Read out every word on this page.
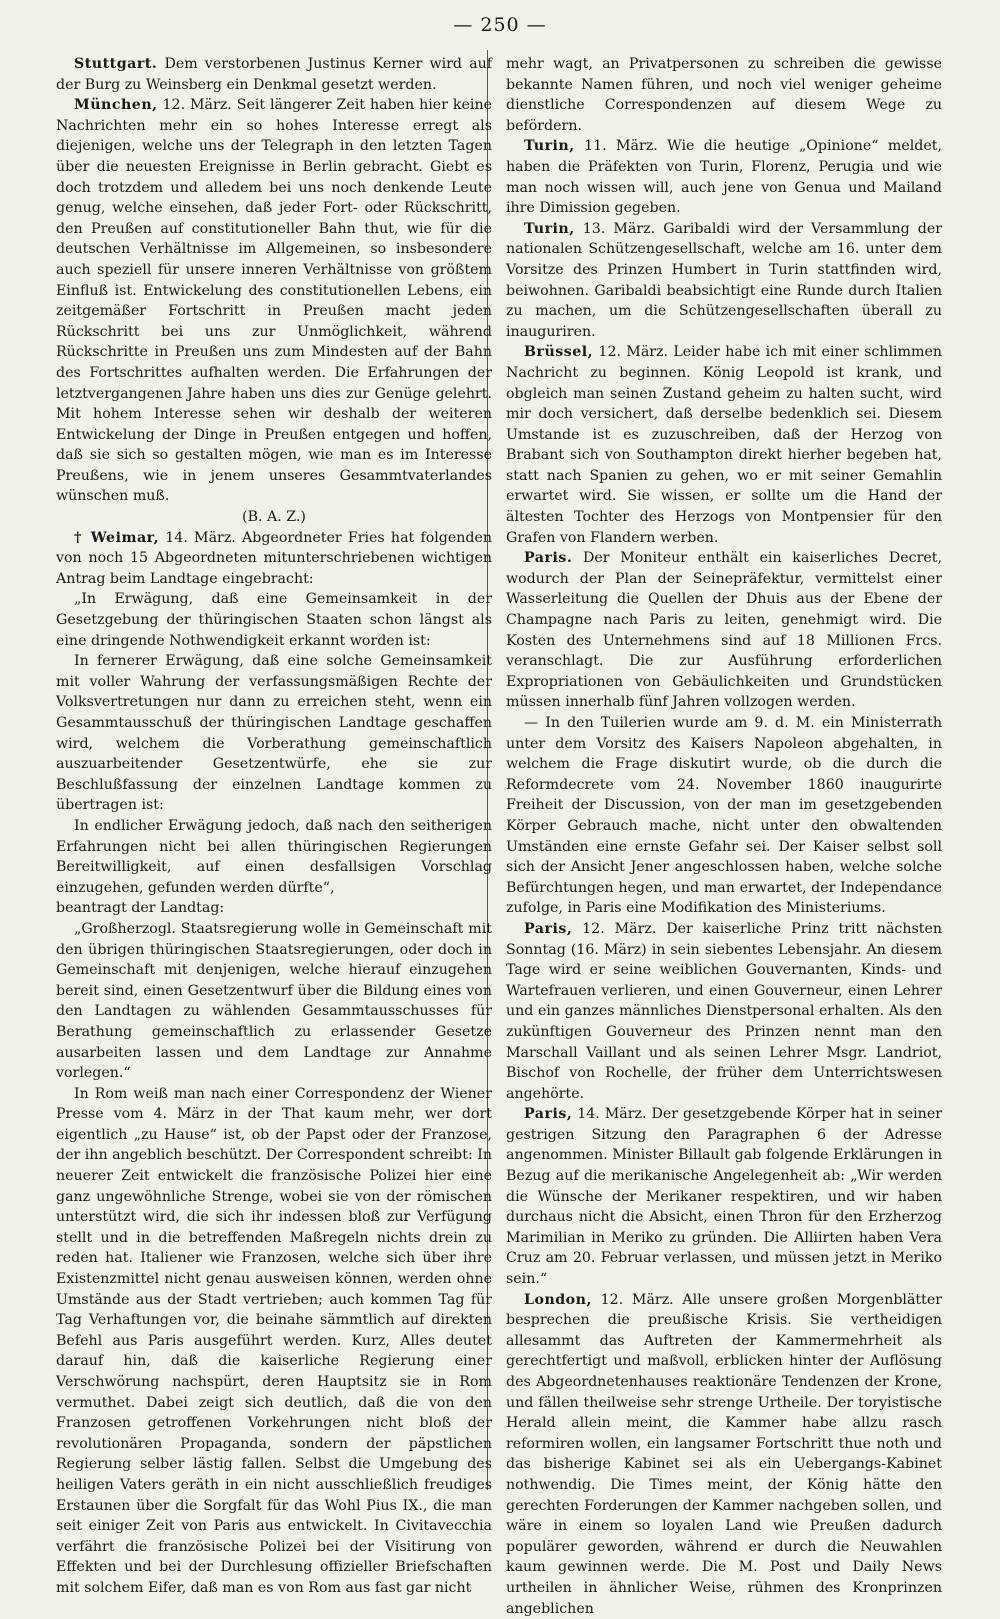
— 250 —

Stuttgart. Dem verstorbenen Justinus Kerner wird auf der Burg zu Weinsberg ein Denkmal gesetzt werden.

München, 12. März. Seit längerer Zeit haben hier keine Nachrichten mehr ein so hohes Interesse erregt als diejenigen, welche uns der Telegraph in den letzten Tagen über die neuesten Ereignisse in Berlin gebracht. Giebt es doch trotzdem und alledem bei uns noch denkende Leute genug, welche einsehen, daß jeder Fort- oder Rückschritt, den Preußen auf constitutioneller Bahn thut, wie für die deutschen Verhältnisse im Allgemeinen, so insbesondere auch speziell für unsere inneren Verhältnisse von größtem Einfluß ist. Entwickelung des constitutionellen Lebens, ein zeitgemäßer Fortschritt in Preußen macht jeden Rückschritt bei uns zur Unmöglichkeit, während Rückschritte in Preußen uns zum Mindesten auf der Bahn des Fortschrittes aufhalten werden. Die Erfahrungen der letztvergangenen Jahre haben uns dies zur Genüge gelehrt. Mit hohem Interesse sehen wir deshalb der weiteren Entwickelung der Dinge in Preußen entgegen und hoffen, daß sie sich so gestalten mögen, wie man es im Interesse Preußens, wie in jenem unseres Gesammtvaterlandes wünschen muß.

(B. A. Z.)

† Weimar, 14. März. Abgeordneter Fries hat folgenden von noch 15 Abgeordneten mitunterschriebenen wichtigen Antrag beim Landtage eingebracht:

„In Erwägung, daß eine Gemeinsamkeit in der Gesetzgebung der thüringischen Staaten schon längst als eine dringende Nothwendigkeit erkannt worden ist:

In fernerer Erwägung, daß eine solche Gemeinsamkeit mit voller Wahrung der verfassungsmäßigen Rechte der Volksvertretungen nur dann zu erreichen steht, wenn ein Gesammtausschuß der thüringischen Landtage geschaffen wird, welchem die Vorberathung gemeinschaftlich auszuarbeitender Gesetzentwürfe, ehe sie zur Beschlußfassung der einzelnen Landtage kommen zu übertragen ist:

In endlicher Erwägung jedoch, daß nach den seitherigen Erfahrungen nicht bei allen thüringischen Regierungen Bereitwilligkeit, auf einen desfallsigen Vorschlag einzugehen, gefunden werden dürfte“,

beantragt der Landtag:

„Großherzogl. Staatsregierung wolle in Gemeinschaft mit den übrigen thüringischen Staatsregierungen, oder doch in Gemeinschaft mit denjenigen, welche hierauf einzugehen bereit sind, einen Gesetzentwurf über die Bildung eines von den Landtagen zu wählenden Gesammtausschusses für Berathung gemeinschaftlich zu erlassender Gesetze ausarbeiten lassen und dem Landtage zur Annahme vorlegen.“

In Rom weiß man nach einer Correspondenz der Wiener Presse vom 4. März in der That kaum mehr, wer dort eigentlich „zu Hause“ ist, ob der Papst oder der Franzose, der ihn angeblich beschützt. Der Correspondent schreibt: In neuerer Zeit entwickelt die französische Polizei hier eine ganz ungewöhnliche Strenge, wobei sie von der römischen unterstützt wird, die sich ihr indessen bloß zur Verfügung stellt und in die betreffenden Maßregeln nichts drein zu reden hat. Italiener wie Franzosen, welche sich über ihre Existenzmittel nicht genau ausweisen können, werden ohne Umstände aus der Stadt vertrieben; auch kommen Tag für Tag Verhaftungen vor, die beinahe sämmtlich auf direkten Befehl aus Paris ausgeführt werden. Kurz, Alles deutet darauf hin, daß die kaiserliche Regierung einer Verschwörung nachspürt, deren Hauptsitz sie in Rom vermuthet. Dabei zeigt sich deutlich, daß die von den Franzosen getroffenen Vorkehrungen nicht bloß der revolutionären Propaganda, sondern der päpstlichen Regierung selber lästig fallen. Selbst die Umgebung des heiligen Vaters geräth in ein nicht ausschließlich freudiges Erstaunen über die Sorgfalt für das Wohl Pius IX., die man seit einiger Zeit von Paris aus entwickelt. In Civitavecchia verfährt die französische Polizei bei der Visitirung von Effekten und bei der Durchlesung offizieller Briefschaften mit solchem Eifer, daß man es von Rom aus fast gar nicht

mehr wagt, an Privatpersonen zu schreiben die gewisse bekannte Namen führen, und noch viel weniger geheime dienstliche Correspondenzen auf diesem Wege zu befördern.

Turin, 11. März. Wie die heutige „Opinione“ meldet, haben die Präfekten von Turin, Florenz, Perugia und wie man noch wissen will, auch jene von Genua und Mailand ihre Dimission gegeben.

Turin, 13. März. Garibaldi wird der Versammlung der nationalen Schützengesellschaft, welche am 16. unter dem Vorsitze des Prinzen Humbert in Turin stattfinden wird, beiwohnen. Garibaldi beabsichtigt eine Runde durch Italien zu machen, um die Schützengesellschaften überall zu inauguriren.

Brüssel, 12. März. Leider habe ich mit einer schlimmen Nachricht zu beginnen. König Leopold ist krank, und obgleich man seinen Zustand geheim zu halten sucht, wird mir doch versichert, daß derselbe bedenklich sei. Diesem Umstande ist es zuzuschreiben, daß der Herzog von Brabant sich von Southampton direkt hierher begeben hat, statt nach Spanien zu gehen, wo er mit seiner Gemahlin erwartet wird. Sie wissen, er sollte um die Hand der ältesten Tochter des Herzogs von Montpensier für den Grafen von Flandern werben.

Paris. Der Moniteur enthält ein kaiserliches Decret, wodurch der Plan der Seinepräfektur, vermittelst einer Wasserleitung die Quellen der Dhuis aus der Ebene der Champagne nach Paris zu leiten, genehmigt wird. Die Kosten des Unternehmens sind auf 18 Millionen Frcs. veranschlagt. Die zur Ausführung erforderlichen Expropriationen von Gebäulichkeiten und Grundstücken müssen innerhalb fünf Jahren vollzogen werden.

— In den Tuilerien wurde am 9. d. M. ein Ministerrath unter dem Vorsitz des Kaisers Napoleon abgehalten, in welchem die Frage diskutirt wurde, ob die durch die Reformdecrete vom 24. November 1860 inaugurirte Freiheit der Discussion, von der man im gesetzgebenden Körper Gebrauch mache, nicht unter den obwaltenden Umständen eine ernste Gefahr sei. Der Kaiser selbst soll sich der Ansicht Jener angeschlossen haben, welche solche Befürchtungen hegen, und man erwartet, der Independance zufolge, in Paris eine Modifikation des Ministeriums.

Paris, 12. März. Der kaiserliche Prinz tritt nächsten Sonntag (16. März) in sein siebentes Lebensjahr. An diesem Tage wird er seine weiblichen Gouvernanten, Kinds- und Wartefrauen verlieren, und einen Gouverneur, einen Lehrer und ein ganzes männliches Dienstpersonal erhalten. Als den zukünftigen Gouverneur des Prinzen nennt man den Marschall Vaillant und als seinen Lehrer Msgr. Landriot, Bischof von Rochelle, der früher dem Unterrichtswesen angehörte.

Paris, 14. März. Der gesetzgebende Körper hat in seiner gestrigen Sitzung den Paragraphen 6 der Adresse angenommen. Minister Billault gab folgende Erklärungen in Bezug auf die merikanische Angelegenheit ab: „Wir werden die Wünsche der Merikaner respektiren, und wir haben durchaus nicht die Absicht, einen Thron für den Erzherzog Marimilian in Meriko zu gründen. Die Alliirten haben Vera Cruz am 20. Februar verlassen, und müssen jetzt in Meriko sein.“

London, 12. März. Alle unsere großen Morgenblätter besprechen die preußische Krisis. Sie vertheidigen allesammt das Auftreten der Kammermehrheit als gerechtfertigt und maßvoll, erblicken hinter der Auflösung des Abgeordnetenhauses reaktionäre Tendenzen der Krone, und fällen theilweise sehr strenge Urtheile. Der toryistische Herald allein meint, die Kammer habe allzu rasch reformiren wollen, ein langsamer Fortschritt thue noth und das bisherige Kabinet sei als ein Uebergangs-Kabinet nothwendig. Die Times meint, der König hätte den gerechten Forderungen der Kammer nachgeben sollen, und wäre in einem so loyalen Land wie Preußen dadurch populärer geworden, während er durch die Neuwahlen kaum gewinnen werde. Die M. Post und Daily News urtheilen in ähnlicher Weise, rühmen des Kronprinzen angeblichen
